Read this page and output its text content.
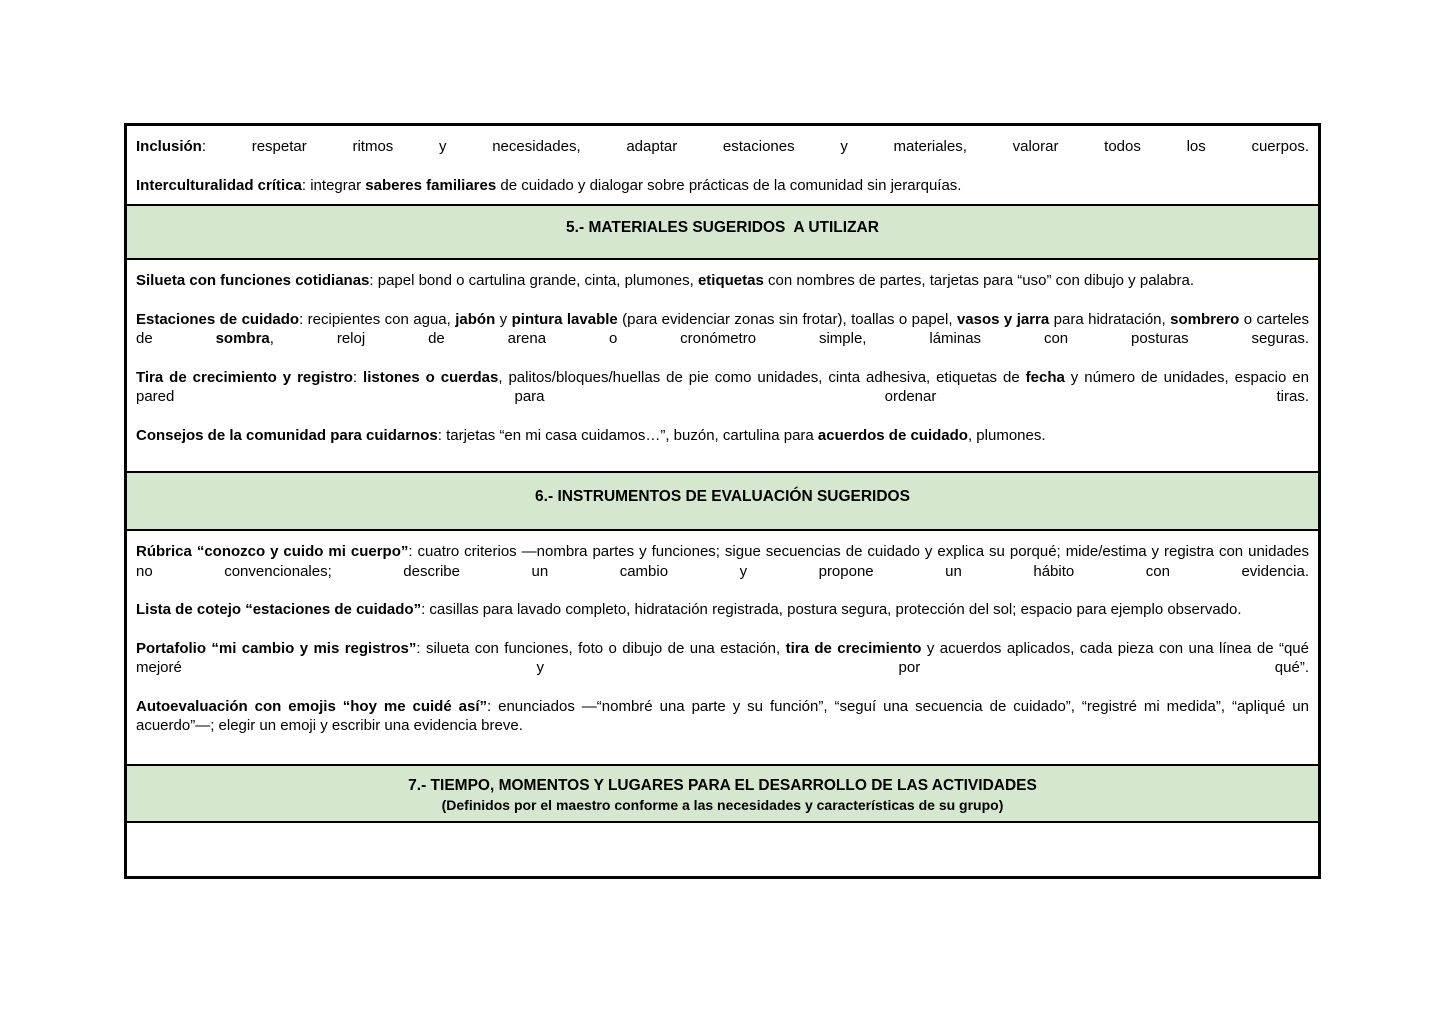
Inclusión: respetar ritmos y necesidades, adaptar estaciones y materiales, valorar todos los cuerpos.

Interculturalidad crítica: integrar saberes familiares de cuidado y dialogar sobre prácticas de la comunidad sin jerarquías.

5.- MATERIALES SUGERIDOS  A UTILIZAR

Silueta con funciones cotidianas: papel bond o cartulina grande, cinta, plumones, etiquetas con nombres de partes, tarjetas para “uso” con dibujo y palabra.

Estaciones de cuidado: recipientes con agua, jabón y pintura lavable (para evidenciar zonas sin frotar), toallas o papel, vasos y jarra para hidratación, sombrero o carteles de sombra, reloj de arena o cronómetro simple, láminas con posturas seguras.

Tira de crecimiento y registro: listones o cuerdas, palitos/bloques/huellas de pie como unidades, cinta adhesiva, etiquetas de fecha y número de unidades, espacio en pared para ordenar tiras.

Consejos de la comunidad para cuidarnos: tarjetas “en mi casa cuidamos…”, buzón, cartulina para acuerdos de cuidado, plumones.

6.- INSTRUMENTOS DE EVALUACIÓN SUGERIDOS

Rúbrica “conozco y cuido mi cuerpo”: cuatro criterios —nombra partes y funciones; sigue secuencias de cuidado y explica su porqué; mide/estima y registra con unidades no convencionales; describe un cambio y propone un hábito con evidencia.

Lista de cotejo “estaciones de cuidado”: casillas para lavado completo, hidratación registrada, postura segura, protección del sol; espacio para ejemplo observado.

Portafolio “mi cambio y mis registros”: silueta con funciones, foto o dibujo de una estación, tira de crecimiento y acuerdos aplicados, cada pieza con una línea de “qué mejoré y por qué”.

Autoevaluación con emojis “hoy me cuidé así”: enunciados —“nombré una parte y su función”, “seguí una secuencia de cuidado”, “registré mi medida”, “apliqué un acuerdo”—; elegir un emoji y escribir una evidencia breve.

7.- TIEMPO, MOMENTOS Y LUGARES PARA EL DESARROLLO DE LAS ACTIVIDADES

(Definidos por el maestro conforme a las necesidades y características de su grupo)
